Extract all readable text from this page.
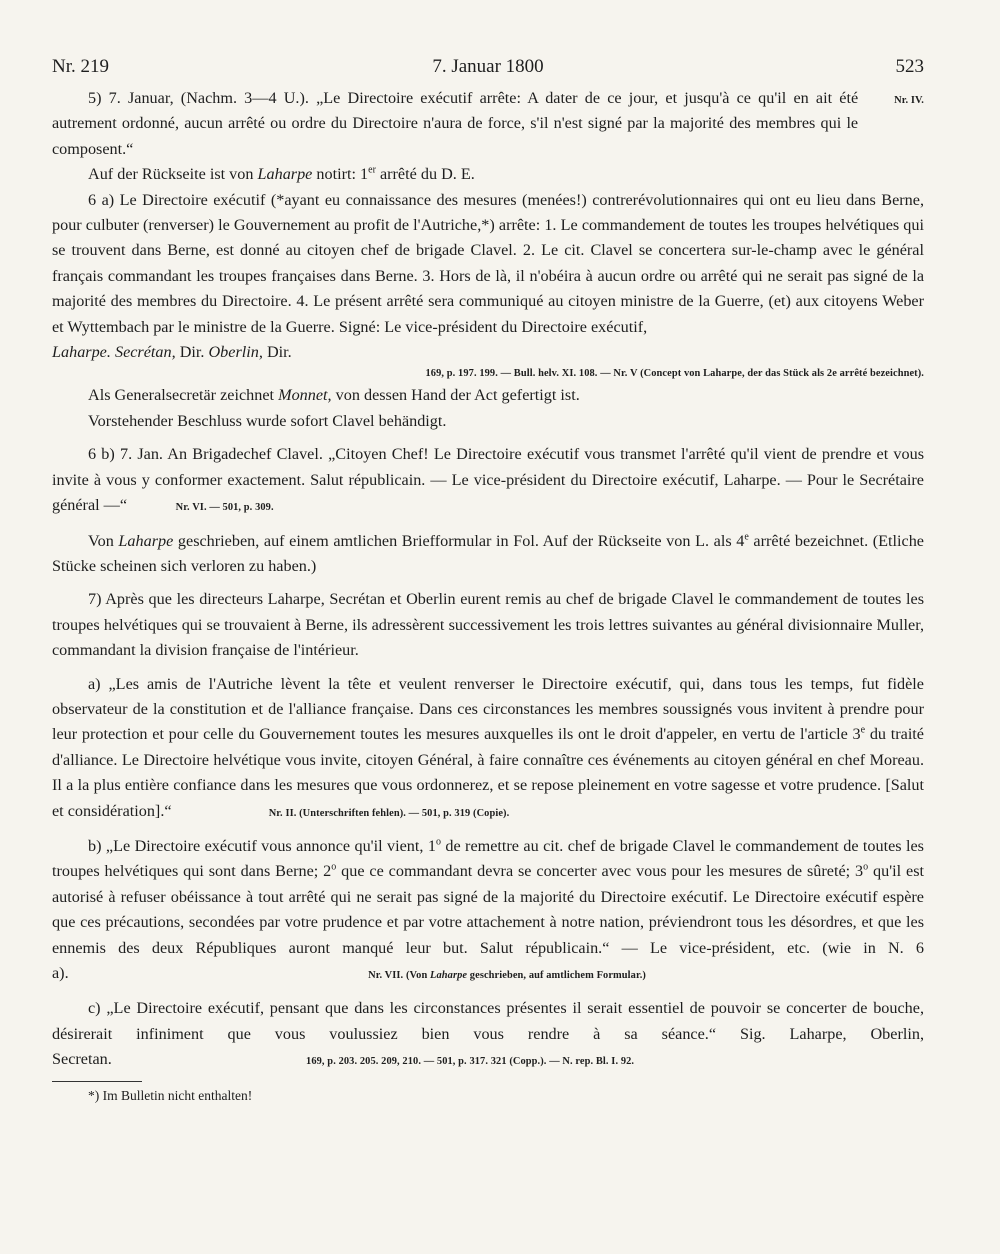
Nr. 219	7. Januar 1800	523

Nr. IV.
5) 7. Januar, (Nachm. 3—4 U.). „Le Directoire exécutif arrête: A dater de ce jour, et jusqu'à ce qu'il en ait été autrement ordonné, aucun arrêté ou ordre du Directoire n'aura de force, s'il n'est signé par la majorité des membres qui le composent.“

Auf der Rückseite ist von Laharpe notirt: 1er arrêté du D. E.

6 a) Le Directoire exécutif (*ayant eu connaissance des mesures (menées!) contrerévolutionnaires qui ont eu lieu dans Berne, pour culbuter (renverser) le Gouvernement au profit de l'Autriche,*) arrête: 1. Le commandement de toutes les troupes helvétiques qui se trouvent dans Berne, est donné au citoyen chef de brigade Clavel. 2. Le cit. Clavel se concertera sur-le-champ avec le général français commandant les troupes françaises dans Berne. 3. Hors de là, il n'obéira à aucun ordre ou arrêté qui ne serait pas signé de la majorité des membres du Directoire. 4. Le présent arrêté sera communiqué au citoyen ministre de la Guerre, (et) aux citoyens Weber et Wyttembach par le ministre de la Guerre. Signé: Le vice-président du Directoire exécutif,
Laharpe. Secrétan, Dir. Oberlin, Dir.

169, p. 197. 199. — Bull. helv. XI. 108. — Nr. V (Concept von Laharpe, der das Stück als 2e arrêté bezeichnet).

Als Generalsecretär zeichnet Monnet, von dessen Hand der Act gefertigt ist.

Vorstehender Beschluss wurde sofort Clavel behändigt.

6 b) 7. Jan. An Brigadechef Clavel. „Citoyen Chef! Le Directoire exécutif vous transmet l'arrêté qu'il vient de prendre et vous invite à vous y conformer exactement. Salut républicain. — Le vice-président du Directoire exécutif, Laharpe. — Pour le Secrétaire général —“	Nr. VI. — 501, p. 309.

Von Laharpe geschrieben, auf einem amtlichen Briefformular in Fol. Auf der Rückseite von L. als 4e arrêté bezeichnet. (Etliche Stücke scheinen sich verloren zu haben.)

7) Après que les directeurs Laharpe, Secrétan et Oberlin eurent remis au chef de brigade Clavel le commandement de toutes les troupes helvétiques qui se trouvaient à Berne, ils adressèrent successivement les trois lettres suivantes au général divisionnaire Muller, commandant la division française de l'intérieur.

a) „Les amis de l'Autriche lèvent la tête et veulent renverser le Directoire exécutif, qui, dans tous les temps, fut fidèle observateur de la constitution et de l'alliance française. Dans ces circonstances les membres soussignés vous invitent à prendre pour leur protection et pour celle du Gouvernement toutes les mesures auxquelles ils ont le droit d'appeler, en vertu de l'article 3e du traité d'alliance. Le Directoire helvétique vous invite, citoyen Général, à faire connaître ces événements au citoyen général en chef Moreau. Il a la plus entière confiance dans les mesures que vous ordonnerez, et se repose pleinement en votre sagesse et votre prudence. [Salut et considération].“	Nr. II. (Unterschriften fehlen). — 501, p. 319 (Copie).

b) „Le Directoire exécutif vous annonce qu'il vient, 1$^o$ de remettre au cit. chef de brigade Clavel le commandement de toutes les troupes helvétiques qui sont dans Berne; 2$^o$ que ce commandant devra se concerter avec vous pour les mesures de sûreté; 3$^o$ qu'il est autorisé à refuser obéissance à tout arrêté qui ne serait pas signé de la majorité du Directoire exécutif. Le Directoire exécutif espère que ces précautions, secondées par votre prudence et par votre attachement à notre nation, préviendront tous les désordres, et que les ennemis des deux Républiques auront manqué leur but. Salut républicain.“ — Le vice-président, etc. (wie in N. 6 a).	Nr. VII. (Von Laharpe geschrieben, auf amtlichem Formular.)

c) „Le Directoire exécutif, pensant que dans les circonstances présentes il serait essentiel de pouvoir se concerter de bouche, désirerait infiniment que vous voulussiez bien vous rendre à sa séance.“ Sig. Laharpe, Oberlin, Secretan.	169, p. 203. 205. 209, 210. — 501, p. 317. 321 (Copp.). — N. rep. Bl. I. 92.

*) Im Bulletin nicht enthalten!
